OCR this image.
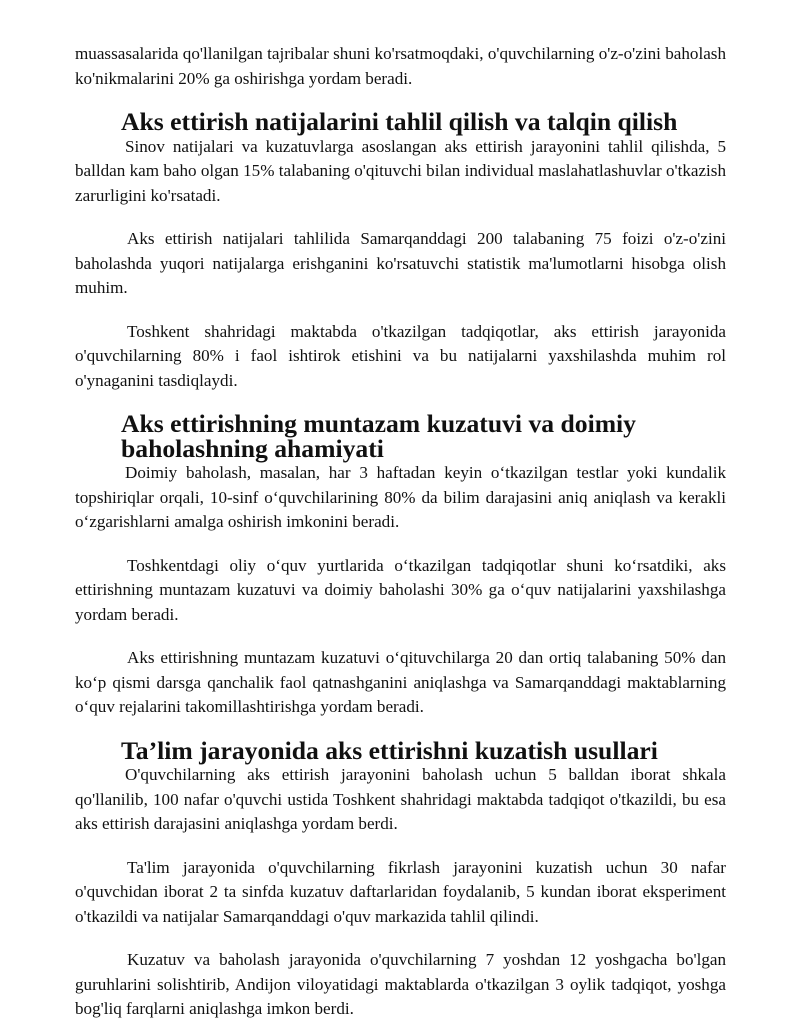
muassasalarida qo'llanilgan tajribalar shuni ko'rsatmoqdaki, o'quvchilarning o'z-o'zini baholash ko'nikmalarini 20% ga oshirishga yordam beradi.

Aks ettirish natijalarini tahlil qilish va talqin qilish

Sinov natijalari va kuzatuvlarga asoslangan aks ettirish jarayonini tahlil qilishda, 5 balldan kam baho olgan 15% talabaning o'qituvchi bilan individual maslahatlashuvlar o'tkazish zarurligini ko'rsatadi.

Aks ettirish natijalari tahlilida Samarqanddagi 200 talabaning 75 foizi o'z-o'zini baholashda yuqori natijalarga erishganini ko'rsatuvchi statistik ma'lumotlarni hisobga olish muhim.

Toshkent shahridagi maktabda o'tkazilgan tadqiqotlar, aks ettirish jarayonida o'quvchilarning 80% i faol ishtirok etishini va bu natijalarni yaxshilashda muhim rol o'ynaganini tasdiqlaydi.

Aks ettirishning muntazam kuzatuvi va doimiy baholashning ahamiyati

Doimiy baholash, masalan, har 3 haftadan keyin o‘tkazilgan testlar yoki kundalik topshiriqlar orqali, 10-sinf o‘quvchilarining 80% da bilim darajasini aniq aniqlash va kerakli o‘zgarishlarni amalga oshirish imkonini beradi.

Toshkentdagi oliy o‘quv yurtlarida o‘tkazilgan tadqiqotlar shuni ko‘rsatdiki, aks ettirishning muntazam kuzatuvi va doimiy baholashi 30% ga o‘quv natijalarini yaxshilashga yordam beradi.

Aks ettirishning muntazam kuzatuvi o‘qituvchilarga 20 dan ortiq talabaning 50% dan ko‘p qismi darsga qanchalik faol qatnashganini aniqlashga va Samarqanddagi maktablarning o‘quv rejalarini takomillashtirishga yordam beradi.

Ta’lim jarayonida aks ettirishni kuzatish usullari

O'quvchilarning aks ettirish jarayonini baholash uchun 5 balldan iborat shkala qo'llanilib, 100 nafar o'quvchi ustida Toshkent shahridagi maktabda tadqiqot o'tkazildi, bu esa aks ettirish darajasini aniqlashga yordam berdi.

Ta'lim jarayonida o'quvchilarning fikrlash jarayonini kuzatish uchun 30 nafar o'quvchidan iborat 2 ta sinfda kuzatuv daftarlaridan foydalanib, 5 kundan iborat eksperiment o'tkazildi va natijalar Samarqanddagi o'quv markazida tahlil qilindi.

Kuzatuv va baholash jarayonida o'quvchilarning 7 yoshdan 12 yoshgacha bo'lgan guruhlarini solishtirib, Andijon viloyatidagi maktablarda o'tkazilgan 3 oylik tadqiqot, yoshga bog'liq farqlarni aniqlashga imkon berdi.
